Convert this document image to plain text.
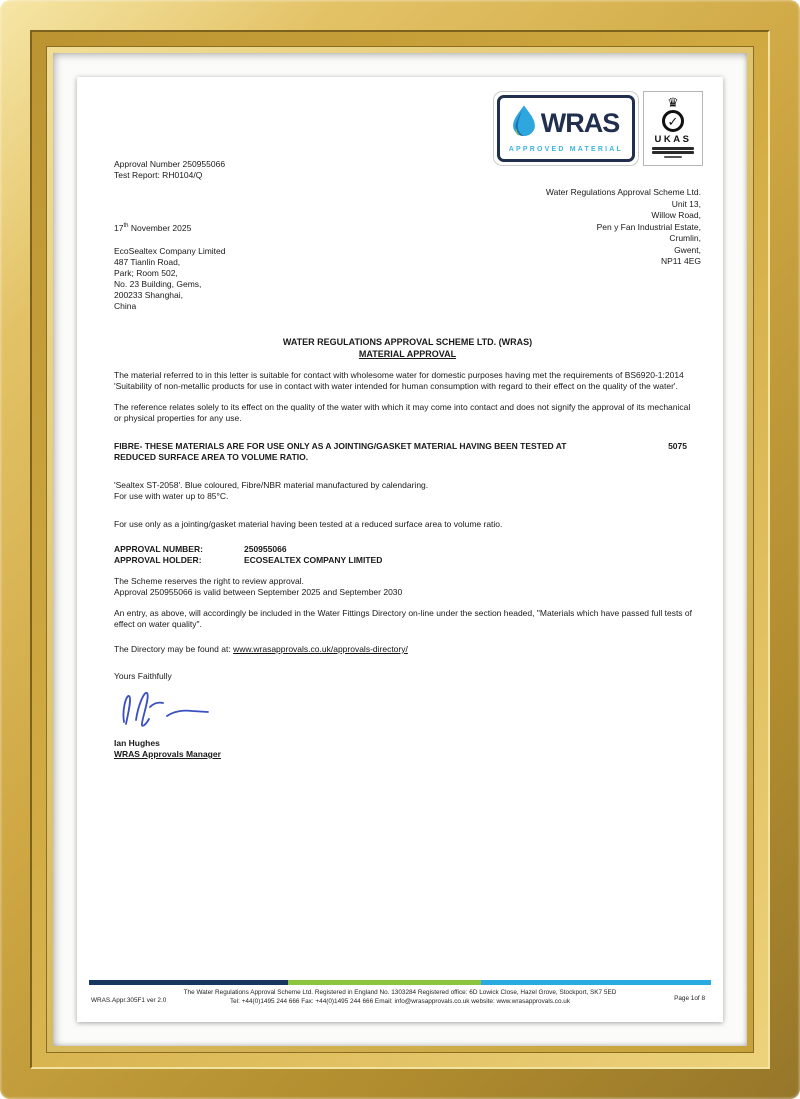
WRAS
APPROVED MATERIAL
♛
✓
UKAS
Approval Number 250955066
Test Report: RH0104/Q
17th November 2025
EcoSealtex Company Limited
487 Tianlin Road,
Park; Room 502,
No. 23 Building, Gems,
200233 Shanghai,
China
Water Regulations Approval Scheme Ltd.
Unit 13,
Willow Road,
Pen y Fan Industrial Estate,
Crumlin,
Gwent,
NP11 4EG
WATER REGULATIONS APPROVAL SCHEME LTD. (WRAS)
MATERIAL APPROVAL
The material referred to in this letter is suitable for contact with wholesome water for domestic purposes having met the requirements of BS6920-1:2014 'Suitability of non-metallic products for use in contact with water intended for human consumption with regard to their effect on the quality of the water'.
The reference relates solely to its effect on the quality of the water with which it may come into contact and does not signify the approval of its mechanical or physical properties for any use.
FIBRE- THESE MATERIALS ARE FOR USE ONLY AS A JOINTING/GASKET MATERIAL HAVING BEEN TESTED AT
REDUCED SURFACE AREA TO VOLUME RATIO.
5075
'Sealtex ST-2058'. Blue coloured, Fibre/NBR material manufactured by calendaring.
For use with water up to 85°C.
For use only as a jointing/gasket material having been tested at a reduced surface area to volume ratio.
APPROVAL NUMBER:	250955066
APPROVAL HOLDER:	ECOSEALTEX COMPANY LIMITED
The Scheme reserves the right to review approval.
Approval 250955066 is valid between September 2025 and September 2030
An entry, as above, will accordingly be included in the Water Fittings Directory on-line under the section headed, "Materials which have passed full tests of effect on water quality".
The Directory may be found at: www.wrasapprovals.co.uk/approvals-directory/
Yours Faithfully
Ian Hughes
WRAS Approvals Manager
The Water Regulations Approval Scheme Ltd. Registered in England No. 1303284 Registered office: 6D Lowick Close, Hazel Grove, Stockport, SK7 5ED
Tel: +44(0)1495 244 666 Fax: +44(0)1495 244 666 Email: info@wrasapprovals.co.uk website: www.wrasapprovals.co.uk
WRAS.Appr.305F1 ver 2.0	Page 1of 8
